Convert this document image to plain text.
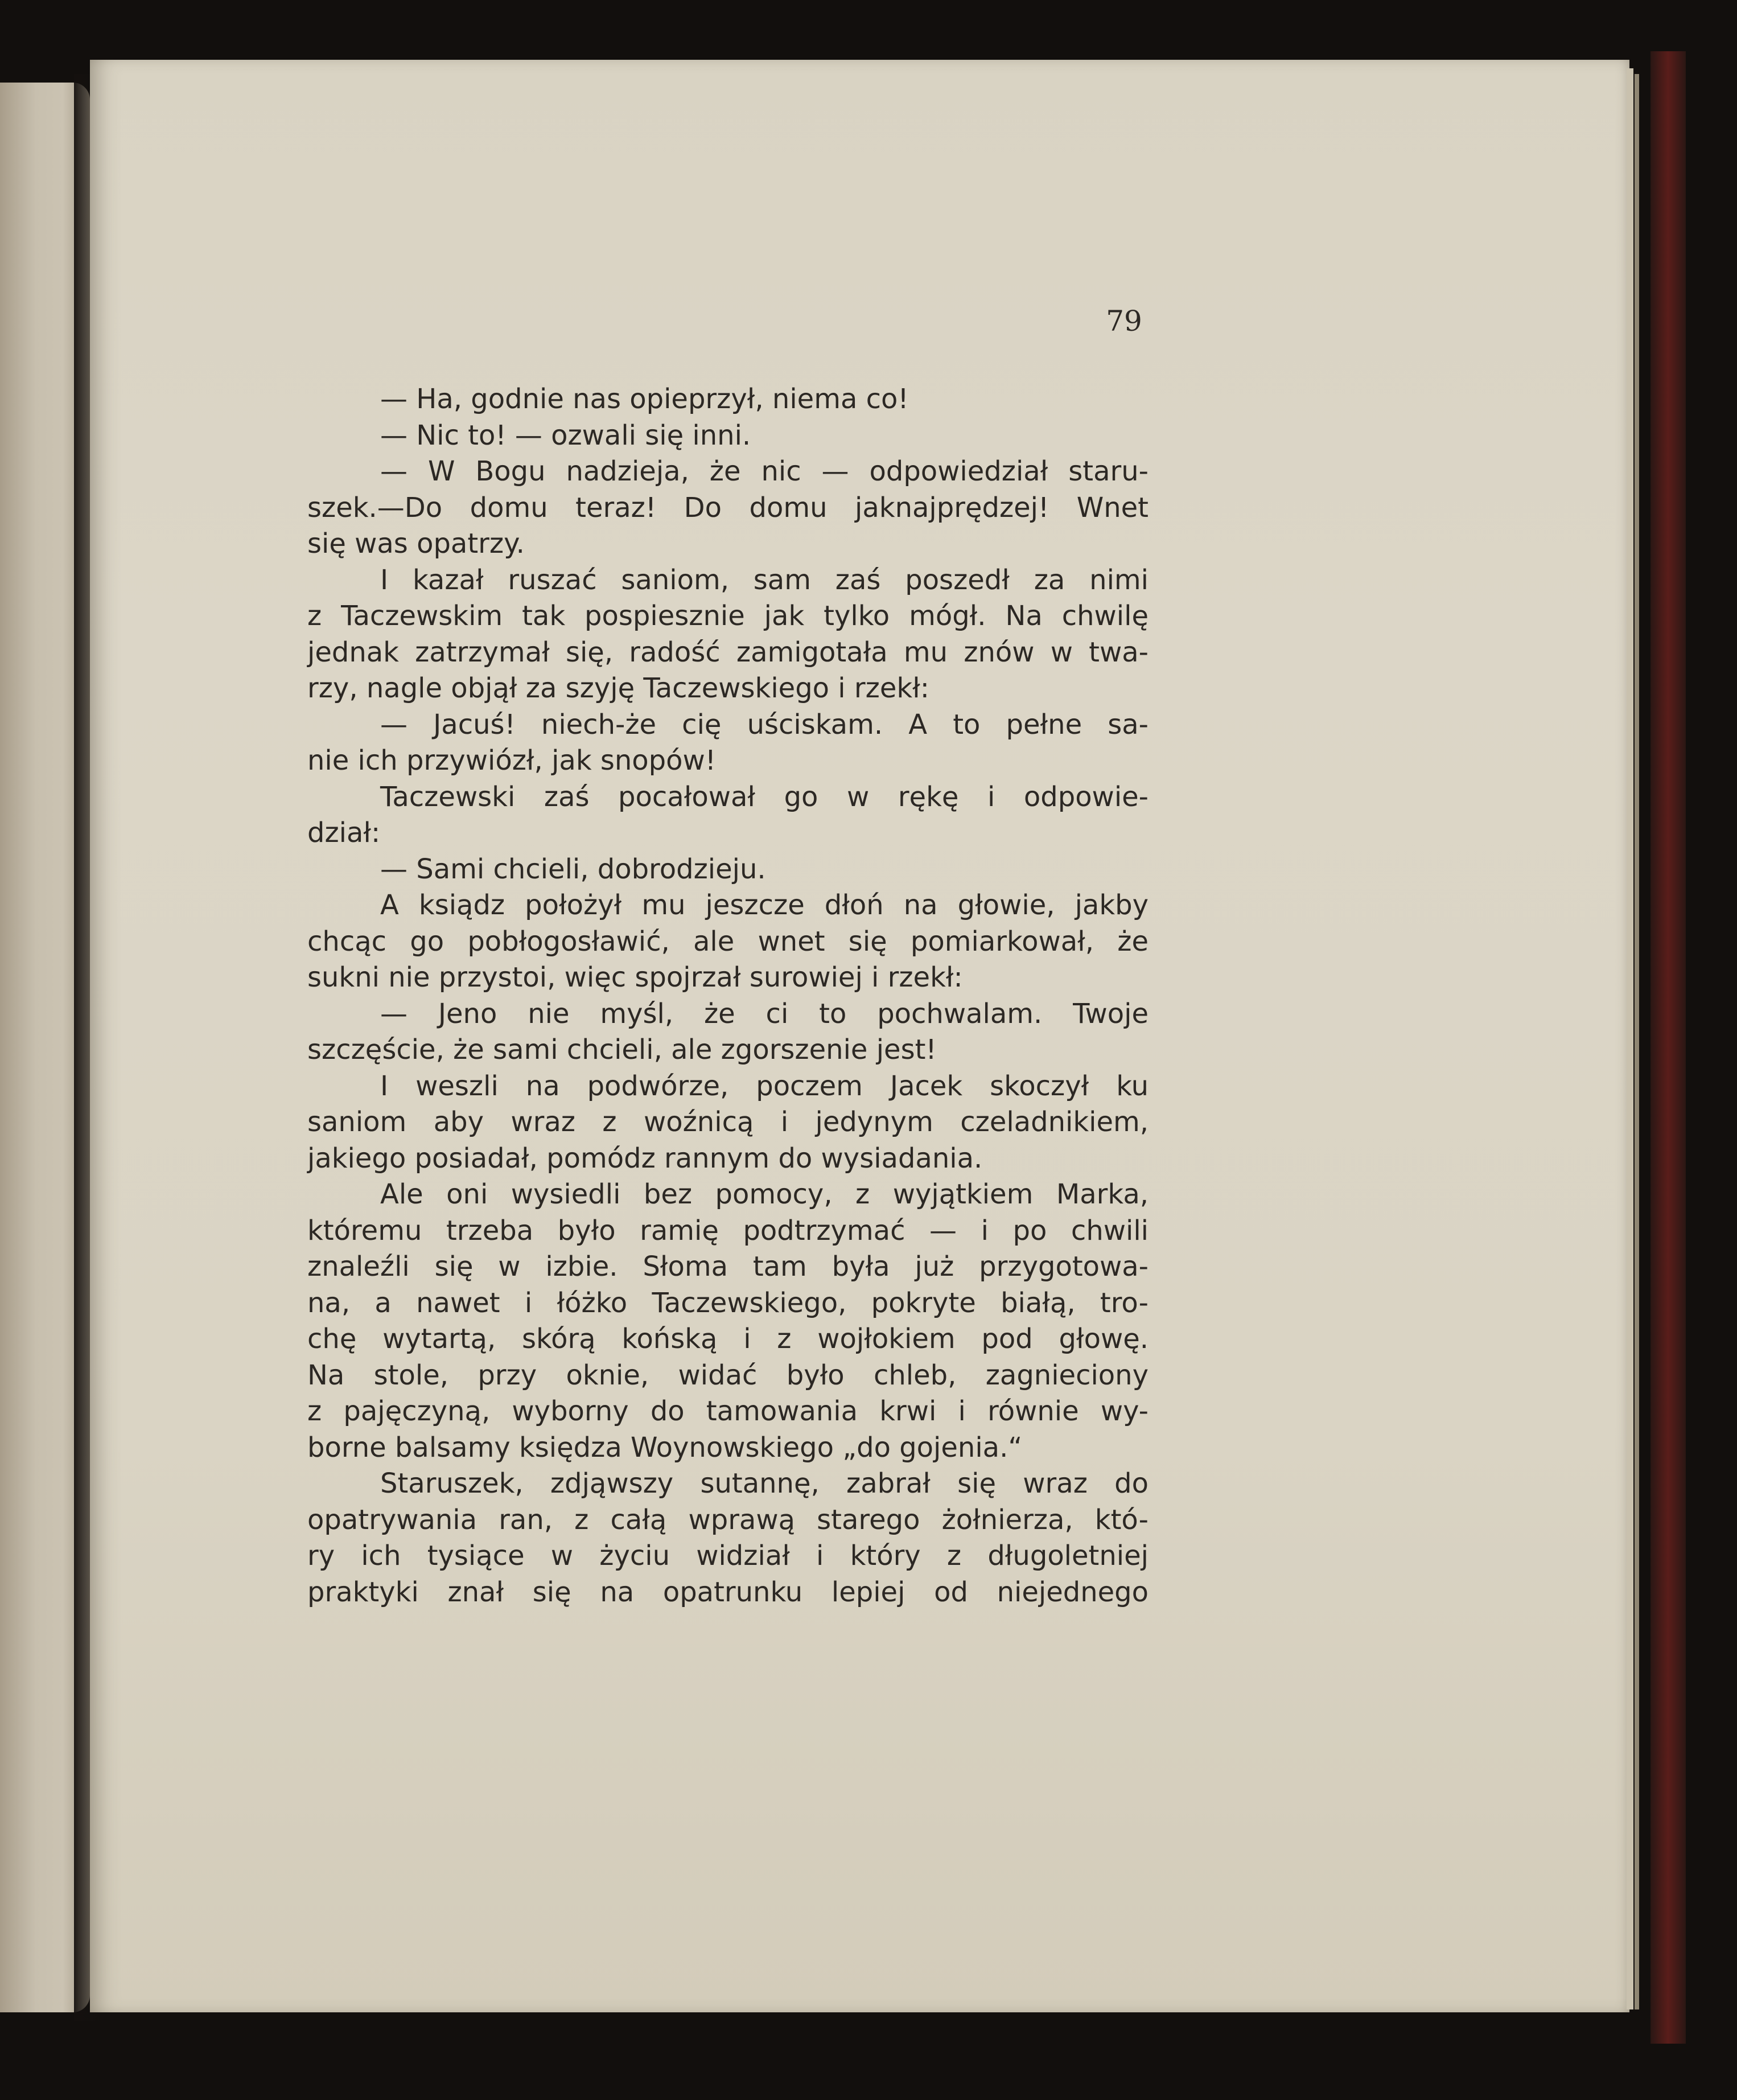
79
— Ha, godnie nas opieprzył, niema co!
— Nic to! — ozwali się inni.
— W Bogu nadzieja, że nic — odpowiedział staru-
szek.—Do domu teraz! Do domu jaknajprędzej! Wnet
się was opatrzy.
I kazał ruszać saniom, sam zaś poszedł za nimi
z Taczewskim tak pospiesznie jak tylko mógł. Na chwilę
jednak zatrzymał się, radość zamigotała mu znów w twa-
rzy, nagle objął za szyję Taczewskiego i rzekł:
— Jacuś! niech-że cię uściskam. A to pełne sa-
nie ich przywiózł, jak snopów!
Taczewski zaś pocałował go w rękę i odpowie-
dział:
— Sami chcieli, dobrodzieju.
A ksiądz położył mu jeszcze dłoń na głowie, jakby
chcąc go pobłogosławić, ale wnet się pomiarkował, że
sukni nie przystoi, więc spojrzał surowiej i rzekł:
— Jeno nie myśl, że ci to pochwalam. Twoje
szczęście, że sami chcieli, ale zgorszenie jest!
I weszli na podwórze, poczem Jacek skoczył ku
saniom aby wraz z woźnicą i jedynym czeladnikiem,
jakiego posiadał, pomódz rannym do wysiadania.
Ale oni wysiedli bez pomocy, z wyjątkiem Marka,
któremu trzeba było ramię podtrzymać — i po chwili
znaleźli się w izbie. Słoma tam była już przygotowa-
na, a nawet i łóżko Taczewskiego, pokryte białą, tro-
chę wytartą, skórą końską i z wojłokiem pod głowę.
Na stole, przy oknie, widać było chleb, zagnieciony
z pajęczyną, wyborny do tamowania krwi i równie wy-
borne balsamy księdza Woynowskiego „do gojenia.“
Staruszek, zdjąwszy sutannę, zabrał się wraz do
opatrywania ran, z całą wprawą starego żołnierza, któ-
ry ich tysiące w życiu widział i który z długoletniej
praktyki znał się na opatrunku lepiej od niejednego
